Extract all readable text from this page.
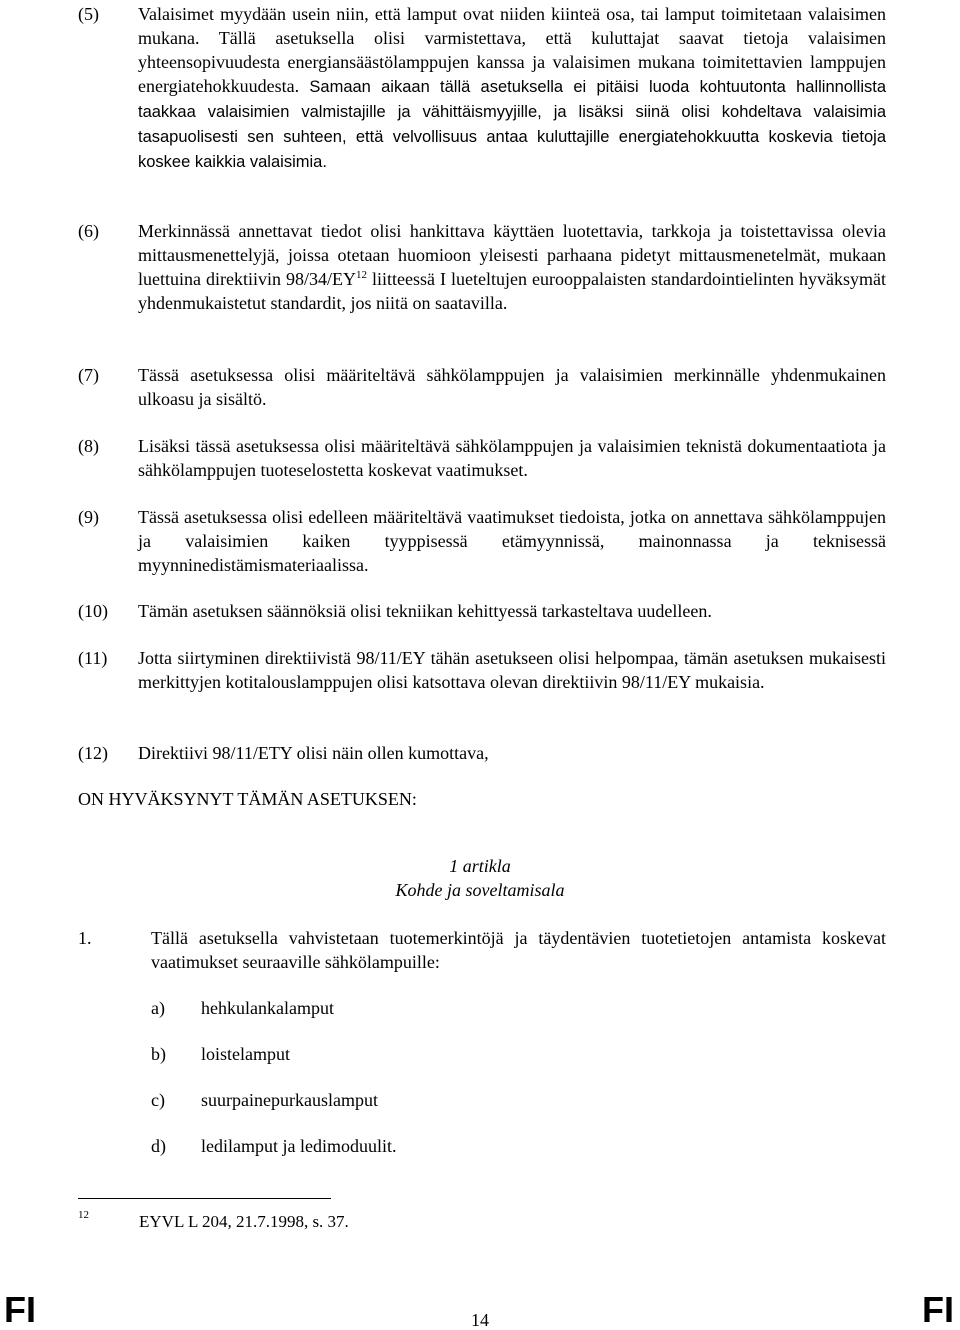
(5) Valaisimet myydään usein niin, että lamput ovat niiden kiinteä osa, tai lamput toimitetaan valaisimen mukana. Tällä asetuksella olisi varmistettava, että kuluttajat saavat tietoja valaisimen yhteensopivuudesta energiansäästölamppujen kanssa ja valaisimen mukana toimitettavien lamppujen energiatehokkuudesta. Samaan aikaan tällä asetuksella ei pitäisi luoda kohtuutonta hallinnollista taakkaa valaisimien valmistajille ja vähittäismyyjille, ja lisäksi siinä olisi kohdeltava valaisimia tasapuolisesti sen suhteen, että velvollisuus antaa kuluttajille energiatehokkuutta koskevia tietoja koskee kaikkia valaisimia.
(6) Merkinnässä annettavat tiedot olisi hankittava käyttäen luotettavia, tarkkoja ja toistettavissa olevia mittausmenettelyjä, joissa otetaan huomioon yleisesti parhaana pidetyt mittausmenetelmät, mukaan luettuina direktiivin 98/34/EY$^{12}$ liitteessä I lueteltujen eurooppalaisten standardointielinten hyväksymät yhdenmukaistetut standardit, jos niitä on saatavilla.
(7) Tässä asetuksessa olisi määriteltävä sähkölamppujen ja valaisimien merkinnälle yhdenmukainen ulkoasu ja sisältö.
(8) Lisäksi tässä asetuksessa olisi määriteltävä sähkölamppujen ja valaisimien teknistä dokumentaatiota ja sähkölamppujen tuoteselostetta koskevat vaatimukset.
(9) Tässä asetuksessa olisi edelleen määriteltävä vaatimukset tiedoista, jotka on annettava sähkölamppujen ja valaisimien kaiken tyyppisessä etämyynnissä, mainonnassa ja teknisessä myynninedistämismateriaalissa.
(10) Tämän asetuksen säännöksiä olisi tekniikan kehittyessä tarkasteltava uudelleen.
(11) Jotta siirtyminen direktiivistä 98/11/EY tähän asetukseen olisi helpompaa, tämän asetuksen mukaisesti merkittyjen kotitalouslamppujen olisi katsottava olevan direktiivin 98/11/EY mukaisia.
(12) Direktiivi 98/11/ETY olisi näin ollen kumottava,
ON HYVÄKSYNYT TÄMÄN ASETUKSEN:
1 artikla
Kohde ja soveltamisala
1.	Tällä asetuksella vahvistetaan tuotemerkintöjä ja täydentävien tuotetietojen antamista koskevat vaatimukset seuraaville sähkölampuille:
a) hehkulankalamput
b) loistelamput
c) suurpainepurkauslamput
d) ledilamput ja ledimoduulit.
12	EYVL L 204, 21.7.1998, s. 37.
FI	14	FI
